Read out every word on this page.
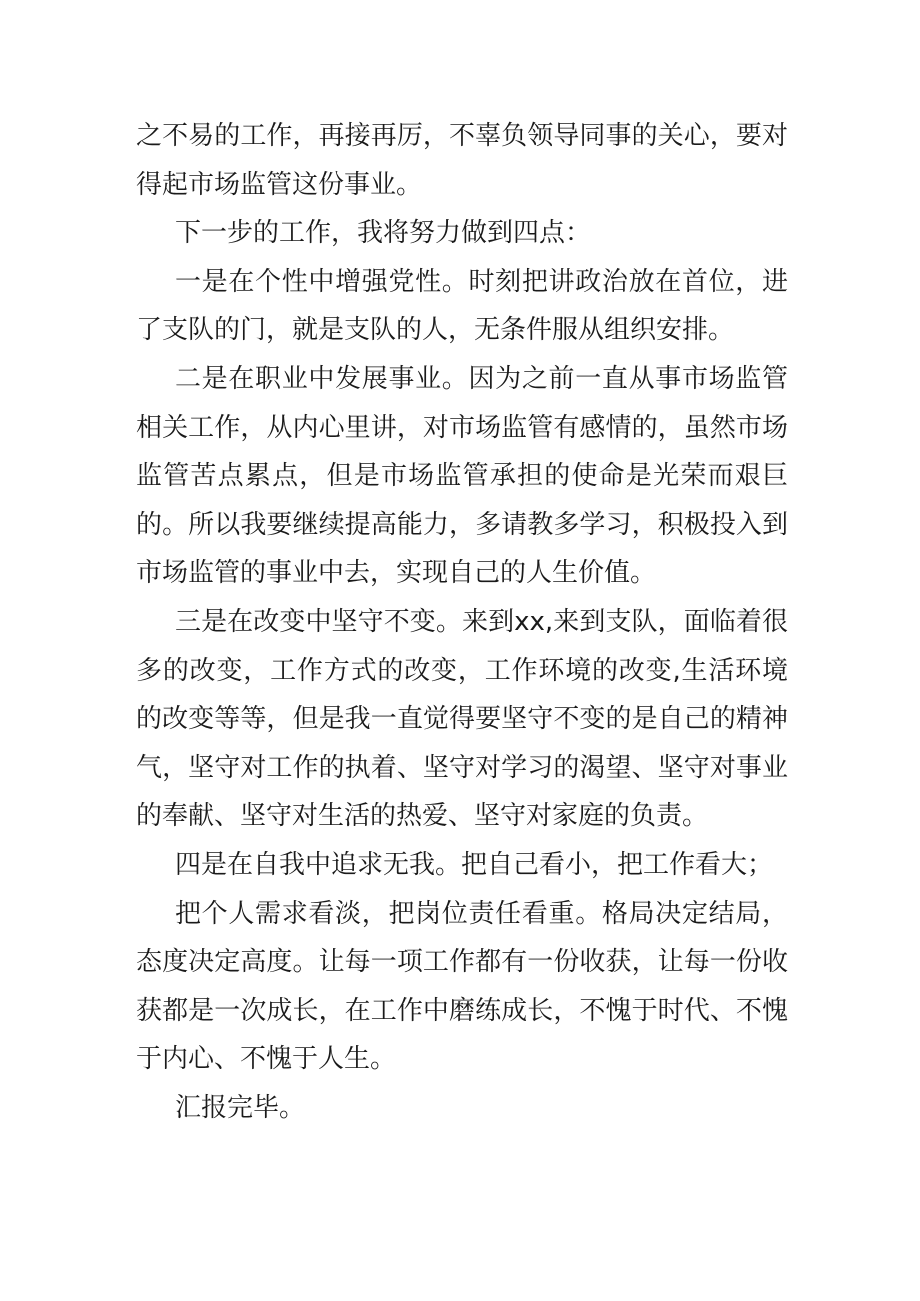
之不易的工作，再接再厉，不辜负领导同事的关心，要对得起市场监管这份事业。

下一步的工作，我将努力做到四点：

一是在个性中增强党性。时刻把讲政治放在首位，进了支队的门，就是支队的人，无条件服从组织安排。

二是在职业中发展事业。因为之前一直从事市场监管相关工作，从内心里讲，对市场监管有感情的，虽然市场监管苦点累点，但是市场监管承担的使命是光荣而艰巨的。所以我要继续提高能力，多请教多学习，积极投入到市场监管的事业中去，实现自己的人生价值。

三是在改变中坚守不变。来到xx,来到支队，面临着很多的改变，工作方式的改变，工作环境的改变,生活环境的改变等等，但是我一直觉得要坚守不变的是自己的精神气，坚守对工作的执着、坚守对学习的渴望、坚守对事业的奉献、坚守对生活的热爱、坚守对家庭的负责。

四是在自我中追求无我。把自己看小，把工作看大；

把个人需求看淡，把岗位责任看重。格局决定结局，态度决定高度。让每一项工作都有一份收获，让每一份收获都是一次成长，在工作中磨练成长，不愧于时代、不愧于内心、不愧于人生。

汇报完毕。
